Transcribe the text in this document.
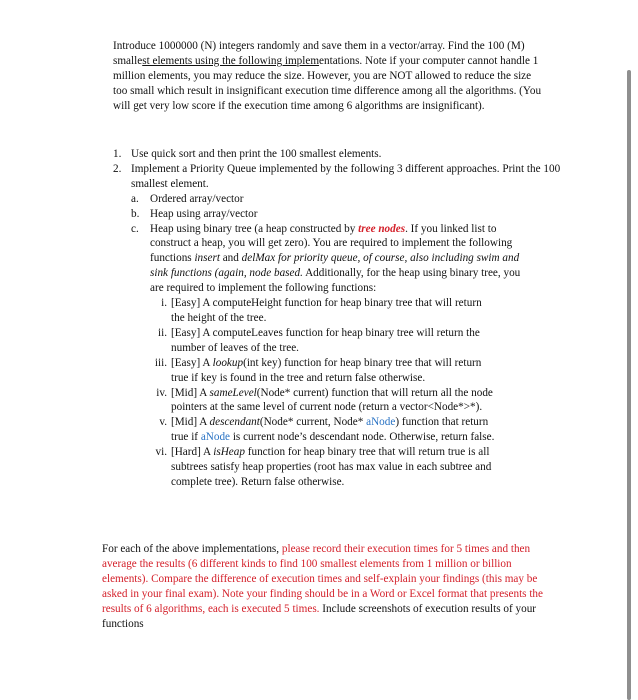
Introduce 1000000 (N) integers randomly and save them in a vector/array. Find the 100 (M) smallest elements using the following implementations. Note if your computer cannot handle 1 million elements, you may reduce the size. However, you are NOT allowed to reduce the size too small which result in insignificant execution time difference among all the algorithms. (You will get very low score if the execution time among 6 algorithms are insignificant).
1. Use quick sort and then print the 100 smallest elements.
2. Implement a Priority Queue implemented by the following 3 different approaches. Print the 100 smallest element.
a. Ordered array/vector
b. Heap using array/vector
c. Heap using binary tree (a heap constructed by tree nodes. If you linked list to construct a heap, you will get zero). You are required to implement the following functions insert and delMax for priority queue, of course, also including swim and sink functions (again, node based. Additionally, for the heap using binary tree, you are required to implement the following functions:
i. [Easy] A computeHeight function for heap binary tree that will return the height of the tree.
ii. [Easy] A computeLeaves function for heap binary tree will return the number of leaves of the tree.
iii. [Easy] A lookup(int key) function for heap binary tree that will return true if key is found in the tree and return false otherwise.
iv. [Mid] A sameLevel(Node* current) function that will return all the node pointers at the same level of current node (return a vector<Node*>*).
v. [Mid] A descendant(Node* current, Node* aNode) function that return true if aNode is current node’s descendant node. Otherwise, return false.
vi. [Hard] A isHeap function for heap binary tree that will return true is all subtrees satisfy heap properties (root has max value in each subtree and complete tree). Return false otherwise.
For each of the above implementations, please record their execution times for 5 times and then average the results (6 different kinds to find 100 smallest elements from 1 million or billion elements). Compare the difference of execution times and self-explain your findings (this may be asked in your final exam). Note your finding should be in a Word or Excel format that presents the results of 6 algorithms, each is executed 5 times. Include screenshots of execution results of your functions
